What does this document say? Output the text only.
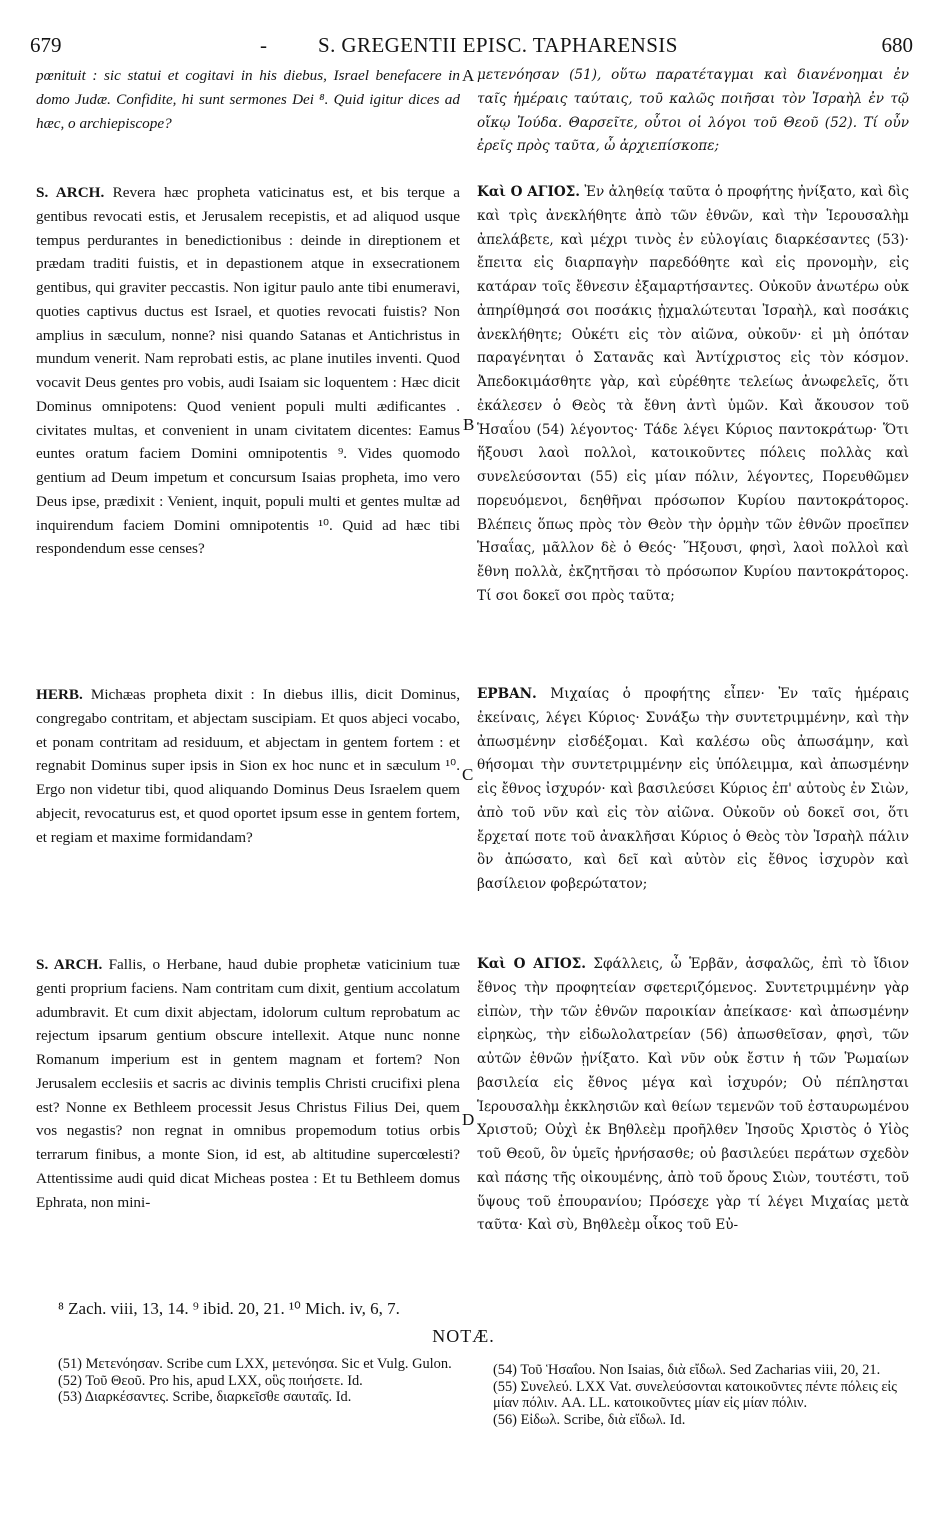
679	- S. GREGENTII EPISC. TAPHARENSIS	680

pœnituit : sic statui et cogitavi in his diebus, Israel benefacere in domo Judæ. Confidite, hi sunt sermones Dei ⁸. Quid igitur dices ad hæc, o archiepiscope?

S. ARCH. Revera hæc propheta vaticinatus est, et bis terque a gentibus revocati estis, et Jerusalem recepistis, et ad aliquod usque tempus perdurantes in benedictionibus : deinde in direptionem et prædam traditi fuistis, et in depastionem atque in exsecrationem gentibus, qui graviter peccastis. Non igitur paulo ante tibi enumeravi, quoties captivus ductus est Israel, et quoties revocati fuistis? Non amplius in sæculum, nonne? nisi quando Satanas et Antichristus in mundum venerit. Nam reprobati estis, ac plane inutiles inventi. Quod vocavit Deus gentes pro vobis, audi Isaiam sic loquentem : Hæc dicit Dominus omnipotens: Quod venient populi multi ædificantes . civitates multas, et convenient in unam civitatem dicentes: Eamus euntes oratum faciem Domini omnipotentis ⁹. Vides quomodo gentium ad Deum impetum et concursum Isaias propheta, imo vero Deus ipse, prædixit : Venient, inquit, populi multi et gentes multæ ad inquirendum faciem Domini omnipotentis ¹⁰. Quid ad hæc tibi respondendum esse censes?

HERB. Michæas propheta dixit : In diebus illis, dicit Dominus, congregabo contritam, et abjectam suscipiam. Et quos abjeci vocabo, et ponam contritam ad residuum, et abjectam in gentem fortem : et regnabit Dominus super ipsis in Sion ex hoc nunc et in sæculum ¹⁰. Ergo non videtur tibi, quod aliquando Dominus Deus Israelem quem abjecit, revocaturus est, et quod oportet ipsum esse in gentem fortem, et regiam et maxime formidandam?

S. ARCH. Fallis, o Herbane, haud dubie prophetæ vaticinium tuæ genti proprium faciens. Nam contritam cum dixit, gentium accolatum adumbravit. Et cum dixit abjectam, idolorum cultum reprobatum ac rejectum ipsarum gentium obscure intellexit. Atque nunc nonne Romanum imperium est in gentem magnam et fortem? Non Jerusalem ecclesiis et sacris ac divinis templis Christi crucifixi plena est? Nonne ex Bethleem processit Jesus Christus Filius Dei, quem vos negastis? non regnat in omnibus propemodum totius orbis terrarum finibus, a monte Sion, id est, ab altitudine supercœlesti? Attentissime audi quid dicat Micheas postea : Et tu Bethleem domus Ephrata, non mini-

A
B
C
D

μετενόησαν (51), οὕτω παρατέταγμαι καὶ διανένοημαι ἐν ταῖς ἡμέραις ταύταις, τοῦ καλῶς ποιῆσαι τὸν Ἰσραὴλ ἐν τῷ οἴκῳ Ἰούδα. Θαρσεῖτε, οὗτοι οἱ λόγοι τοῦ Θεοῦ (52). Τί οὖν ἐρεῖς πρὸς ταῦτα, ὦ ἀρχιεπίσκοπε;

Καὶ Ο ΑΓΙΟΣ. Ἐν ἀληθείᾳ ταῦτα ὁ προφήτης ἠνίξατο, καὶ δὶς καὶ τρὶς ἀνεκλήθητε ἀπὸ τῶν ἐθνῶν, καὶ τὴν Ἱερουσαλὴμ ἀπελάβετε, καὶ μέχρι τινὸς ἐν εὐλογίαις διαρκέσαντες (53)· ἔπειτα εἰς διαρπαγὴν παρεδόθητε καὶ εἰς προνομὴν, εἰς κατάραν τοῖς ἔθνεσιν ἐξαμαρτήσαντες. Οὐκοῦν ἀνωτέρω οὐκ ἀπηρίθμησά σοι ποσάκις ᾐχμαλώτευται Ἰσραὴλ, καὶ ποσάκις ἀνεκλήθητε; Οὐκέτι εἰς τὸν αἰῶνα, οὐκοῦν· εἰ μὴ ὁπόταν παραγένηται ὁ Σατανᾶς καὶ Ἀντίχριστος εἰς τὸν κόσμον. Ἀπεδοκιμάσθητε γὰρ, καὶ εὑρέθητε τελείως ἀνωφελεῖς, ὅτι ἐκάλεσεν ὁ Θεὸς τὰ ἔθνη ἀντὶ ὑμῶν. Καὶ ἄκουσον τοῦ Ἡσαΐου (54) λέγοντος· Τάδε λέγει Κύριος παντοκράτωρ· Ὅτι ἥξουσι λαοὶ πολλοὶ, κατοικοῦντες πόλεις πολλὰς καὶ συνελεύσονται (55) εἰς μίαν πόλιν, λέγοντες, Πορευθῶμεν πορευόμενοι, δεηθῆναι πρόσωπον Κυρίου παντοκράτορος. Βλέπεις ὅπως πρὸς τὸν Θεὸν τὴν ὁρμὴν τῶν ἐθνῶν προεῖπεν Ἡσαΐας, μᾶλλον δὲ ὁ Θεός· Ἥξουσι, φησὶ, λαοὶ πολλοὶ καὶ ἔθνη πολλὰ, ἐκζητῆσαι τὸ πρόσωπον Κυρίου παντοκράτορος. Τί σοι δοκεῖ σοι πρὸς ταῦτα;

ΕΡΒΑΝ. Μιχαίας ὁ προφήτης εἶπεν· Ἐν ταῖς ἡμέραις ἐκείναις, λέγει Κύριος· Συνάξω τὴν συντετριμμένην, καὶ τὴν ἀπωσμένην εἰσδέξομαι. Καὶ καλέσω οὓς ἀπωσάμην, καὶ θήσομαι τὴν συντετριμμένην εἰς ὑπόλειμμα, καὶ ἀπωσμένην εἰς ἔθνος ἰσχυρόν· καὶ βασιλεύσει Κύριος ἐπ' αὐτοὺς ἐν Σιὼν, ἀπὸ τοῦ νῦν καὶ εἰς τὸν αἰῶνα. Οὐκοῦν οὐ δοκεῖ σοι, ὅτι ἔρχεταί ποτε τοῦ ἀνακλῆσαι Κύριος ὁ Θεὸς τὸν Ἰσραὴλ πάλιν ὃν ἀπώσατο, καὶ δεῖ καὶ αὐτὸν εἰς ἔθνος ἰσχυρὸν καὶ βασίλειον φοβερώτατον;

Καὶ Ο ΑΓΙΟΣ. Σφάλλεις, ὦ Ἑρβᾶν, ἀσφαλῶς, ἐπὶ τὸ ἴδιον ἔθνος τὴν προφητείαν σφετεριζόμενος. Συντετριμμένην γὰρ εἰπὼν, τὴν τῶν ἐθνῶν παροικίαν ἀπείκασε· καὶ ἀπωσμένην εἰρηκὼς, τὴν εἰδωλολατρείαν (56) ἀπωσθεῖσαν, φησὶ, τῶν αὐτῶν ἐθνῶν ᾐνίξατο. Καὶ νῦν οὐκ ἔστιν ἡ τῶν Ῥωμαίων βασιλεία εἰς ἔθνος μέγα καὶ ἰσχυρόν; Οὐ πέπλησται Ἱερουσαλὴμ ἐκκλησιῶν καὶ θείων τεμενῶν τοῦ ἐσταυρωμένου Χριστοῦ; Οὐχὶ ἐκ Βηθλεὲμ προῆλθεν Ἰησοῦς Χριστὸς ὁ Υἱὸς τοῦ Θεοῦ, ὃν ὑμεῖς ἠρνήσασθε; οὐ βασιλεύει περάτων σχεδὸν καὶ πάσης τῆς οἰκουμένης, ἀπὸ τοῦ ὄρους Σιὼν, τουτέστι, τοῦ ὕψους τοῦ ἐπουρανίου; Πρόσεχε γὰρ τί λέγει Μιχαίας μετὰ ταῦτα· Καὶ σὺ, Βηθλεὲμ οἶκος τοῦ Εὐ-

⁸ Zach. viii, 13, 14. ⁹ ibid. 20, 21. ¹⁰ Mich. iv, 6, 7.
NOTÆ.

(51) Μετενόησαν. Scribe cum LXX, μετενόησα. Sic et Vulg. Gulon.

(52) Τοῦ Θεοῦ. Pro his, apud LXX, οὓς ποιήσετε. Id.

(53) Διαρκέσαντες. Scribe, διαρκεῖσθε σαυταῖς. Id.

(54) Τοῦ Ἡσαΐου. Non Isaias, διὰ εἴδωλ. Sed Zacharias viii, 20, 21.

(55) Συνελεύ. LXX Vat. συνελεύσονται κατοικοῦντες πέντε πόλεις εἰς μίαν πόλιν. AA. LL. κατοικοῦντες μίαν εἰς μίαν πόλιν.

(56) Εἰδωλ. Scribe, διὰ εἴδωλ. Id.
